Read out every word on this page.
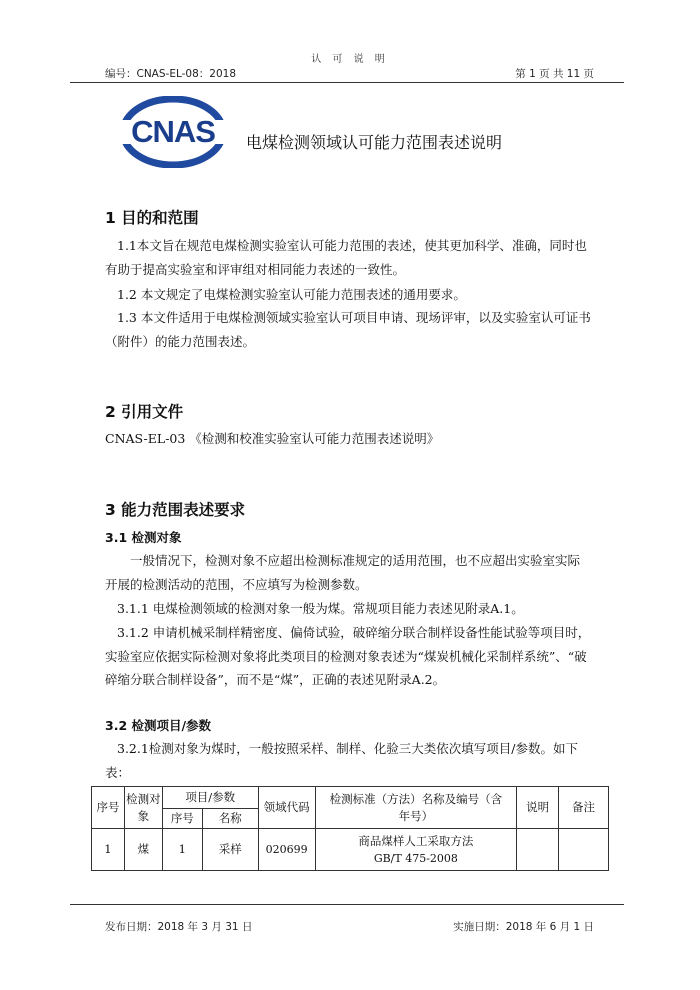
认 可 说 明
编号：CNAS-EL-08：2018	第 1 页 共 11 页
CNAS 电煤检测领域认可能力范围表述说明
1 目的和范围
1.1本文旨在规范电煤检测实验室认可能力范围的表述，使其更加科学、准确，同时也有助于提高实验室和评审组对相同能力表述的一致性。
1.2 本文规定了电煤检测实验室认可能力范围表述的通用要求。
1.3 本文件适用于电煤检测领域实验室认可项目申请、现场评审，以及实验室认可证书（附件）的能力范围表述。
2 引用文件
CNAS-EL-03 《检测和校准实验室认可能力范围表述说明》
3 能力范围表述要求
3.1 检测对象
一般情况下，检测对象不应超出检测标准规定的适用范围，也不应超出实验室实际开展的检测活动的范围，不应填写为检测参数。
3.1.1 电煤检测领域的检测对象一般为煤。常规项目能力表述见附录A.1。
3.1.2 申请机械采制样精密度、偏倚试验，破碎缩分联合制样设备性能试验等项目时，实验室应依据实际检测对象将此类项目的检测对象表述为“煤炭机械化采制样系统”、“破碎缩分联合制样设备”，而不是“煤”，正确的表述见附录A.2。
3.2 检测项目/参数
3.2.1检测对象为煤时，一般按照采样、制样、化验三大类依次填写项目/参数。如下表：
序号	检测对象	项目/参数		领域代码	检测标准（方法）名称及编号（含年号）	说明	备注
		序号	名称				
1	煤	1	采样	020699	商品煤样人工采取方法
GB/T 475-2008		

发布日期：2018 年 3 月 31 日	实施日期：2018 年 6 月 1 日
